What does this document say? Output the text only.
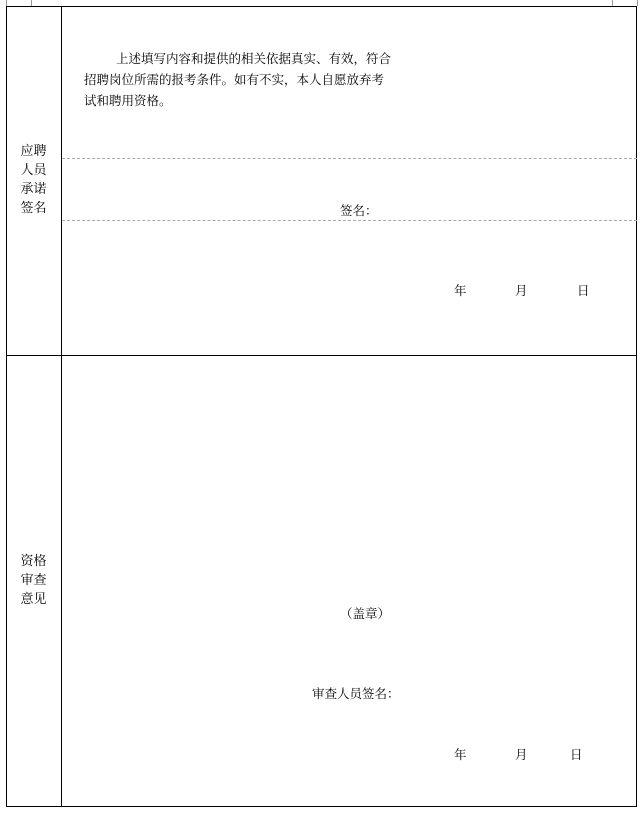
应聘
人员
承诺
签名
上述填写内容和提供的相关依据真实、有效，符合
招聘岗位所需的报考条件。如有不实，本人自愿放弃考
试和聘用资格。
签名：
年	月	日
资格
审查
意见
（盖章）
审查人员签名：
年	月	日
